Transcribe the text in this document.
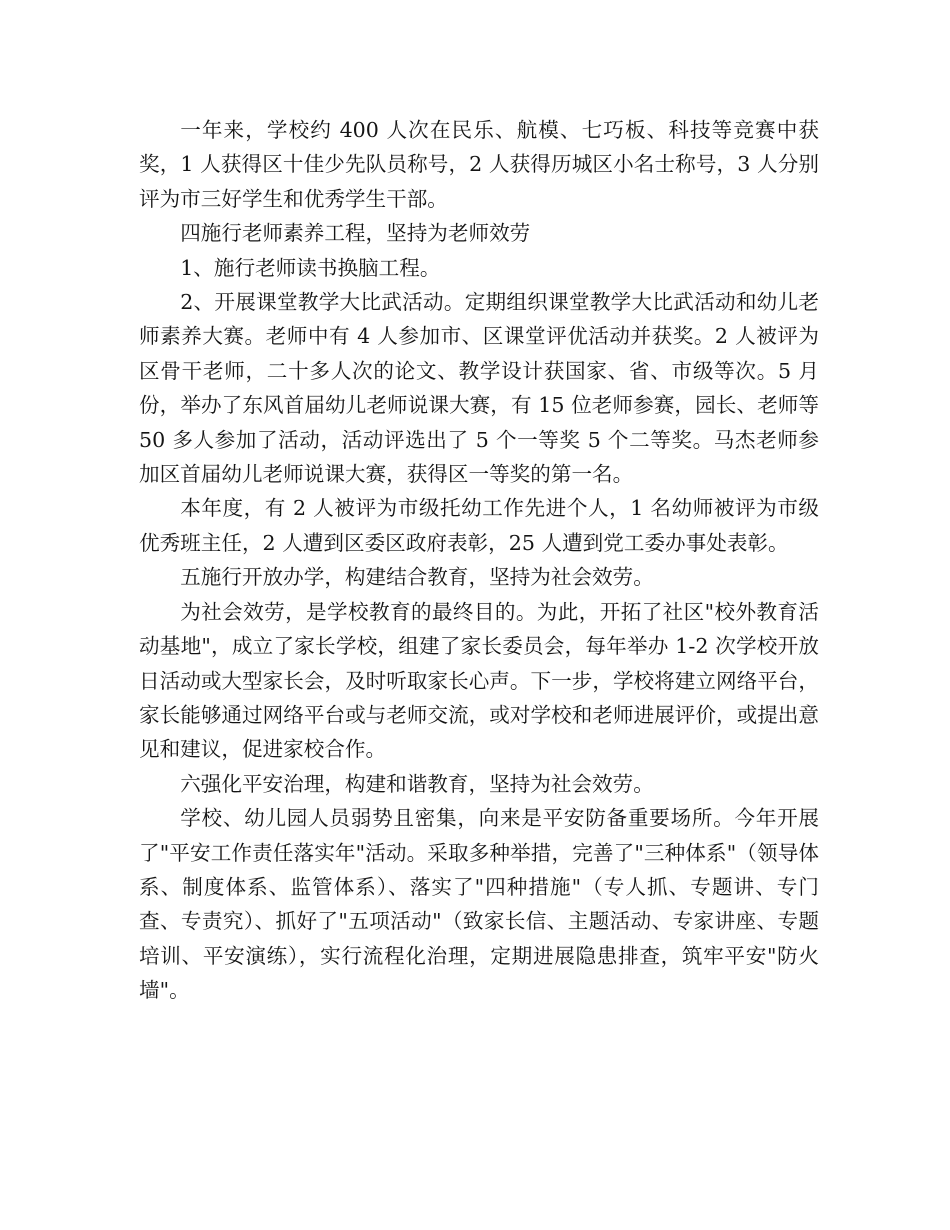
一年来，学校约 400 人次在民乐、航模、七巧板、科技等竞赛中获奖，1 人获得区十佳少先队员称号，2 人获得历城区小名士称号，3 人分别评为市三好学生和优秀学生干部。

四施行老师素养工程，坚持为老师效劳

1、施行老师读书换脑工程。

2、开展课堂教学大比武活动。定期组织课堂教学大比武活动和幼儿老师素养大赛。老师中有 4 人参加市、区课堂评优活动并获奖。2 人被评为区骨干老师，二十多人次的论文、教学设计获国家、省、市级等次。5 月份，举办了东风首届幼儿老师说课大赛，有 15 位老师参赛，园长、老师等 50 多人参加了活动，活动评选出了 5 个一等奖 5 个二等奖。马杰老师参加区首届幼儿老师说课大赛，获得区一等奖的第一名。

本年度，有 2 人被评为市级托幼工作先进个人，1 名幼师被评为市级优秀班主任，2 人遭到区委区政府表彰，25 人遭到党工委办事处表彰。

五施行开放办学，构建结合教育，坚持为社会效劳。

为社会效劳，是学校教育的最终目的。为此，开拓了社区"校外教育活动基地"，成立了家长学校，组建了家长委员会，每年举办 1-2 次学校开放日活动或大型家长会，及时听取家长心声。下一步，学校将建立网络平台，家长能够通过网络平台或与老师交流，或对学校和老师进展评价，或提出意见和建议，促进家校合作。

六强化平安治理，构建和谐教育，坚持为社会效劳。

学校、幼儿园人员弱势且密集，向来是平安防备重要场所。今年开展了"平安工作责任落实年"活动。采取多种举措，完善了"三种体系"（领导体系、制度体系、监管体系）、落实了"四种措施"（专人抓、专题讲、专门查、专责究）、抓好了"五项活动"（致家长信、主题活动、专家讲座、专题培训、平安演练），实行流程化治理，定期进展隐患排查，筑牢平安"防火墙"。
